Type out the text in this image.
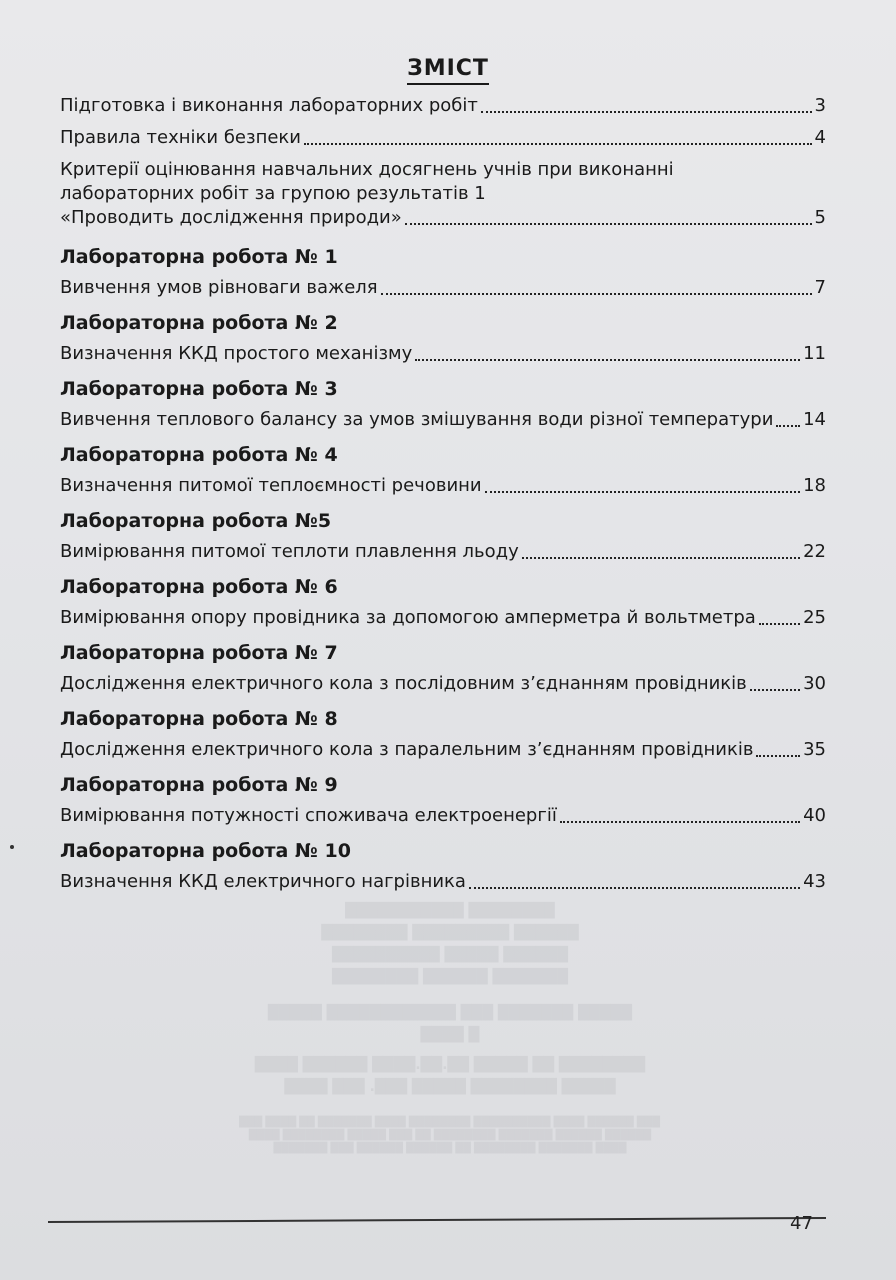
ЗМІСТ
Підготовка і виконання лабораторних робіт	3
Правила техніки безпеки	4
Критерії оцінювання навчальних досягнень учнів при виконанні
лабораторних робіт за групою результатів 1
«Проводить дослідження природи»	5
Лабораторна робота № 1
Вивчення умов рівноваги важеля	7
Лабораторна робота № 2
Визначення ККД простого механізму	11
Лабораторна робота № 3
Вивчення теплового балансу за умов змішування води різної температури 14
Лабораторна робота № 4
Визначення питомої теплоємності речовини	18
Лабораторна робота №5
Вимірювання питомої теплоти плавлення льоду	22
Лабораторна робота № 6
Вимірювання опору провідника за допомогою амперметра й вольтметра	25
Лабораторна робота № 7
Дослідження електричного кола з послідовним з’єднанням провідників	30
Лабораторна робота № 8
Дослідження електричного кола з паралельним з’єднанням провідників	35
Лабораторна робота № 9
Вимірювання потужності споживача електроенергії	40
Лабораторна робота № 10
Визначення ККД електричного нагрівника	43
████████ ███████████
██████ █████████ ████████
██████ █████ ██████████
███████ ██████ ████████
█████ ███████ ███ ████████████ █████
█ ████
████████ ██ █████ ██.██.████ ██████ ████
█████ ████████ █████ ███. ███ ████
███ ██████ ████ ██████████ ████████ ████ ███████ ██ ████ ███
██████ ██████ ███████ ████████ ██ ███ █████ ████████ ████
████ ███████ ████████ ██ ██████ ██████ ███ ███████
47
